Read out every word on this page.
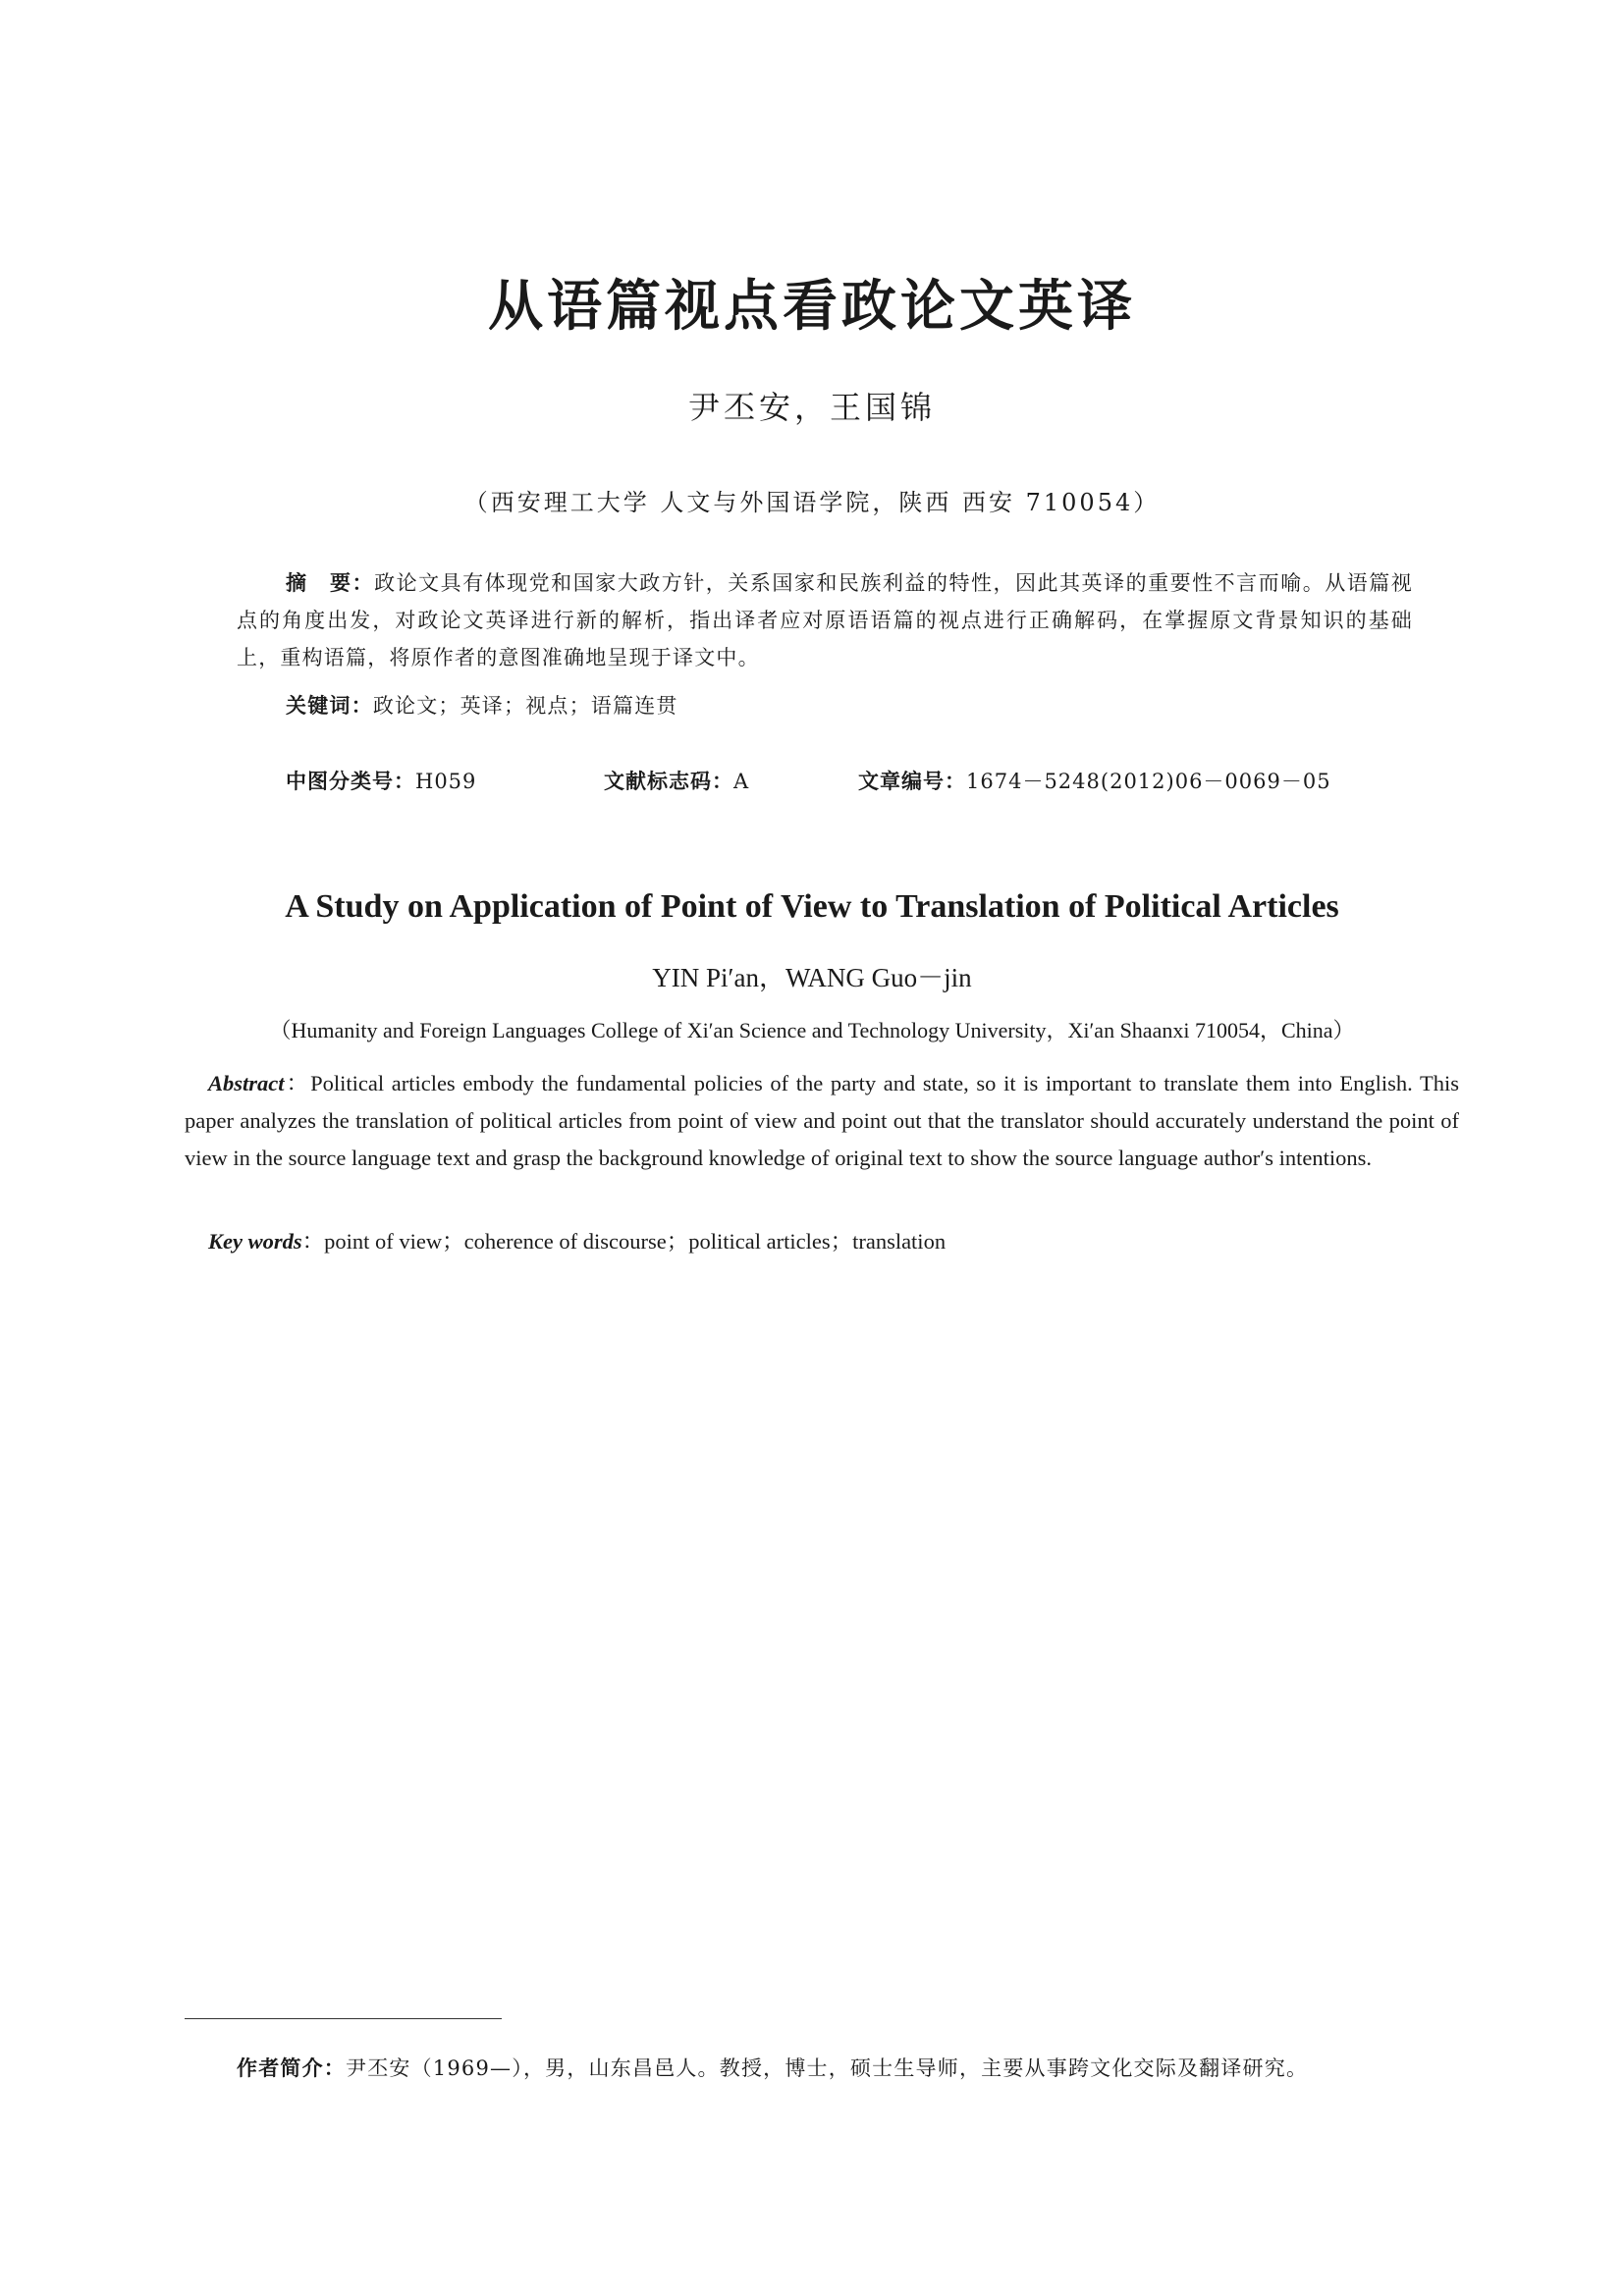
从语篇视点看政论文英译
尹丕安，王国锦
（西安理工大学 人文与外国语学院，陕西 西安 710054）
摘　要：政论文具有体现党和国家大政方针，关系国家和民族利益的特性，因此其英译的重要性不言而喻。从语篇视点的角度出发，对政论文英译进行新的解析，指出译者应对原语语篇的视点进行正确解码，在掌握原文背景知识的基础上，重构语篇，将原作者的意图准确地呈现于译文中。
关键词：政论文；英译；视点；语篇连贯
中图分类号：H059	文献标志码：A	文章编号：1674－5248(2012)06－0069－05
A Study on Application of Point of View to Translation of Political Articles
YIN Pi′an，WANG Guo－jin
（Humanity and Foreign Languages College of Xi′an Science and Technology University，Xi′an Shaanxi 710054，China）
Abstract：Political articles embody the fundamental policies of the party and state, so it is important to translate them into English. This paper analyzes the translation of political articles from point of view and point out that the translator should accurately understand the point of view in the source language text and grasp the background knowledge of original text to show the source language author′s intentions.
Key words：point of view；coherence of discourse；political articles；translation
作者简介：尹丕安（1969—），男，山东昌邑人。教授，博士，硕士生导师，主要从事跨文化交际及翻译研究。
